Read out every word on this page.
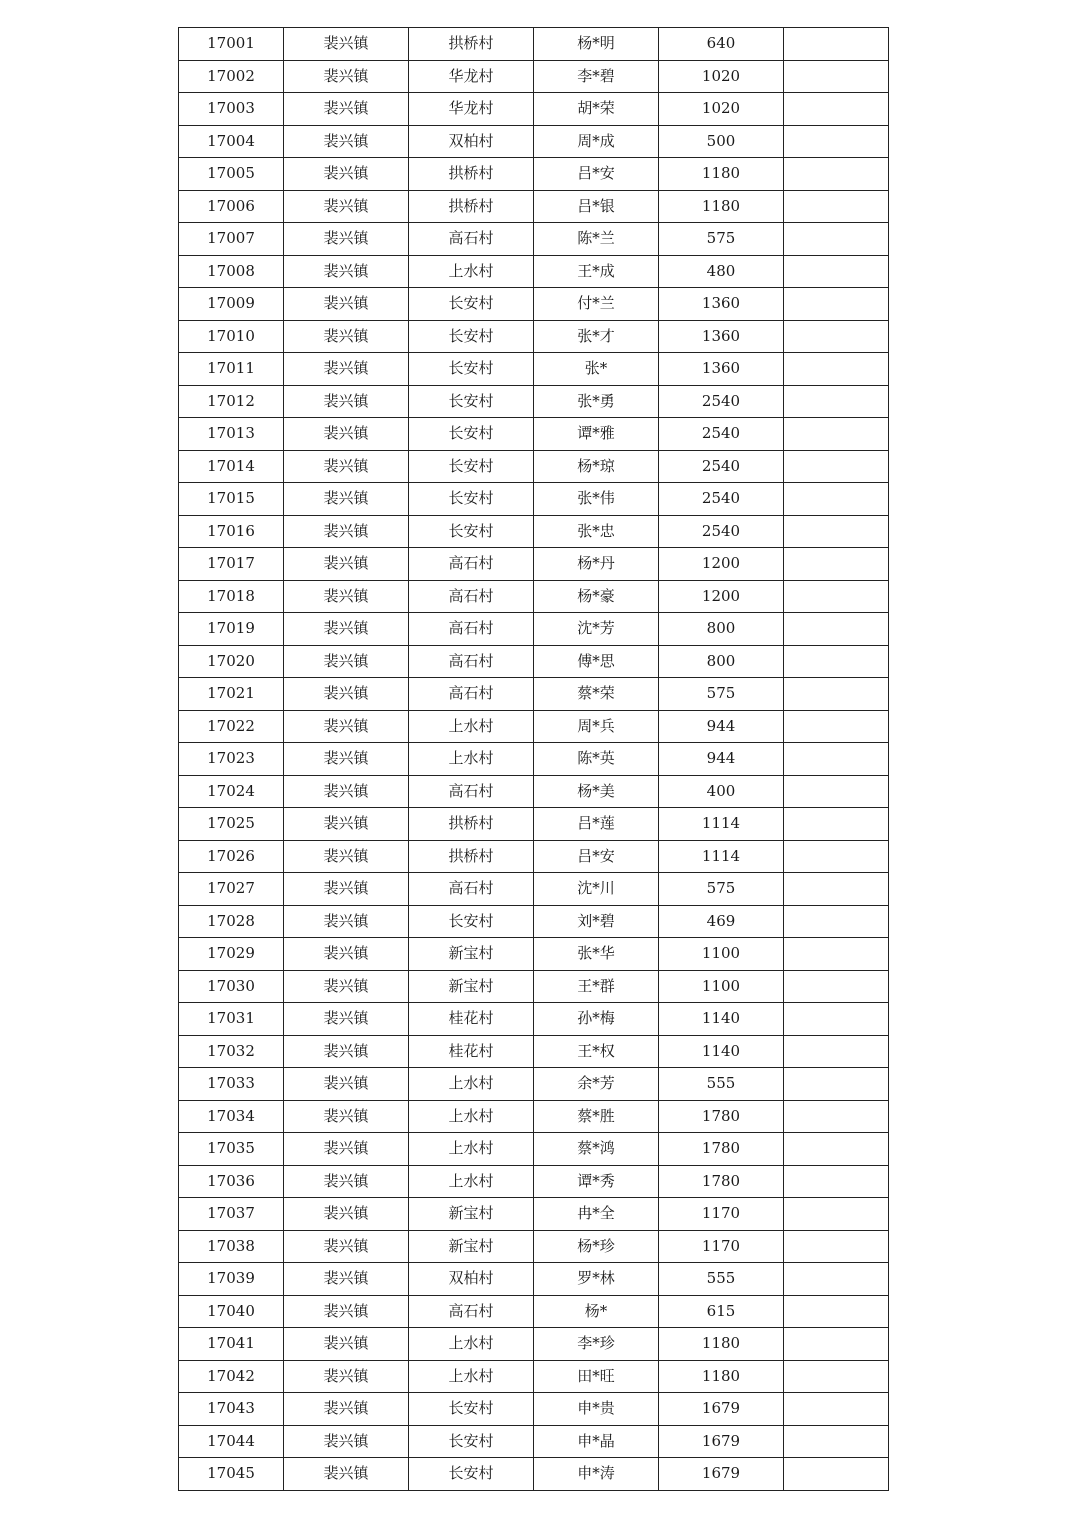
17001	裴兴镇	拱桥村	杨*明	640	
17002	裴兴镇	华龙村	李*碧	1020	
17003	裴兴镇	华龙村	胡*荣	1020	
17004	裴兴镇	双柏村	周*成	500	
17005	裴兴镇	拱桥村	吕*安	1180	
17006	裴兴镇	拱桥村	吕*银	1180	
17007	裴兴镇	高石村	陈*兰	575	
17008	裴兴镇	上水村	王*成	480	
17009	裴兴镇	长安村	付*兰	1360	
17010	裴兴镇	长安村	张*才	1360	
17011	裴兴镇	长安村	张*	1360	
17012	裴兴镇	长安村	张*勇	2540	
17013	裴兴镇	长安村	谭*雅	2540	
17014	裴兴镇	长安村	杨*琼	2540	
17015	裴兴镇	长安村	张*伟	2540	
17016	裴兴镇	长安村	张*忠	2540	
17017	裴兴镇	高石村	杨*丹	1200	
17018	裴兴镇	高石村	杨*豪	1200	
17019	裴兴镇	高石村	沈*芳	800	
17020	裴兴镇	高石村	傅*思	800	
17021	裴兴镇	高石村	蔡*荣	575	
17022	裴兴镇	上水村	周*兵	944	
17023	裴兴镇	上水村	陈*英	944	
17024	裴兴镇	高石村	杨*美	400	
17025	裴兴镇	拱桥村	吕*莲	1114	
17026	裴兴镇	拱桥村	吕*安	1114	
17027	裴兴镇	高石村	沈*川	575	
17028	裴兴镇	长安村	刘*碧	469	
17029	裴兴镇	新宝村	张*华	1100	
17030	裴兴镇	新宝村	王*群	1100	
17031	裴兴镇	桂花村	孙*梅	1140	
17032	裴兴镇	桂花村	王*权	1140	
17033	裴兴镇	上水村	余*芳	555	
17034	裴兴镇	上水村	蔡*胜	1780	
17035	裴兴镇	上水村	蔡*鸿	1780	
17036	裴兴镇	上水村	谭*秀	1780	
17037	裴兴镇	新宝村	冉*全	1170	
17038	裴兴镇	新宝村	杨*珍	1170	
17039	裴兴镇	双柏村	罗*林	555	
17040	裴兴镇	高石村	杨*	615	
17041	裴兴镇	上水村	李*珍	1180	
17042	裴兴镇	上水村	田*旺	1180	
17043	裴兴镇	长安村	申*贵	1679	
17044	裴兴镇	长安村	申*晶	1679	
17045	裴兴镇	长安村	申*涛	1679	
